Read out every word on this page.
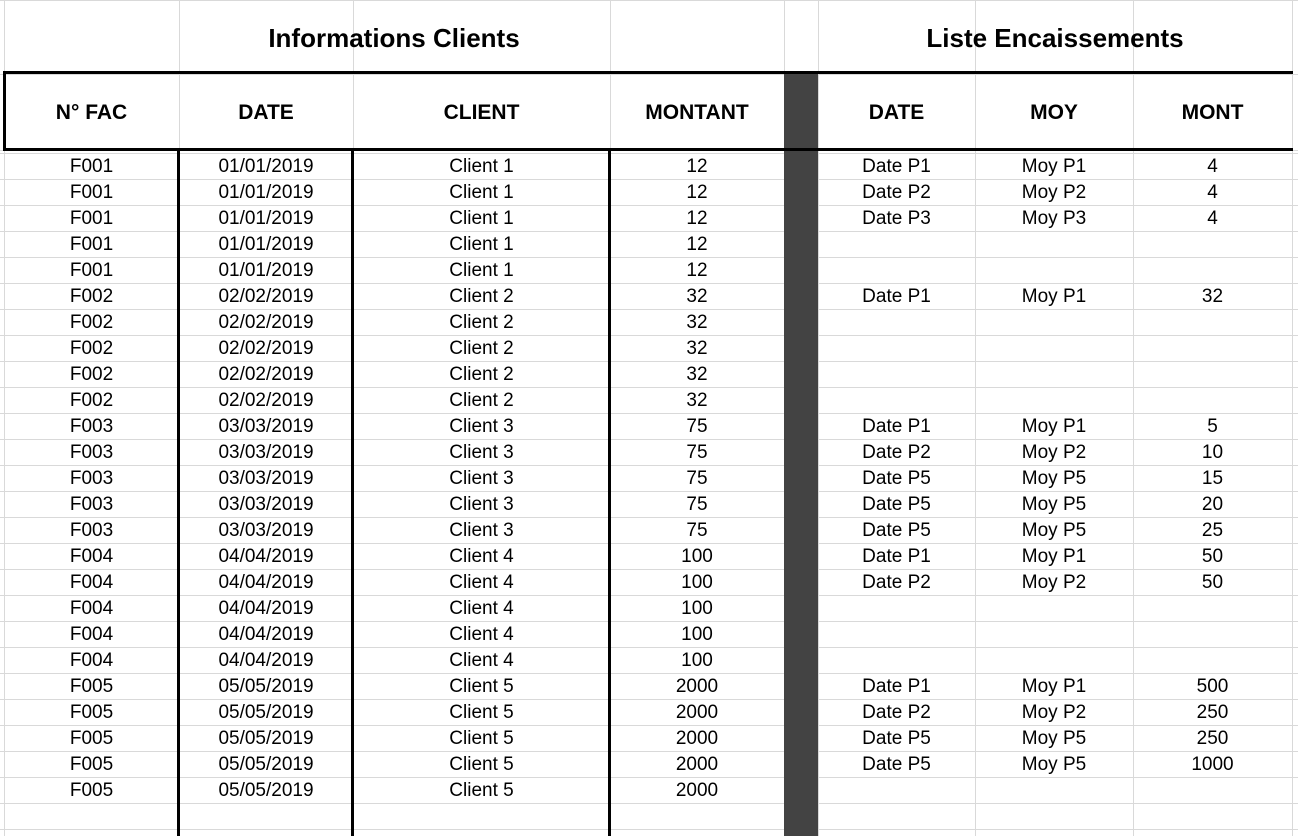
Informations Clients	Liste Encaissements
N° FAC	DATE	CLIENT	MONTANT	DATE	MOY	MONT
F001	01/01/2019	Client 1	12	Date P1	Moy P1	4
F001	01/01/2019	Client 1	12	Date P2	Moy P2	4
F001	01/01/2019	Client 1	12	Date P3	Moy P3	4
F001	01/01/2019	Client 1	12
F001	01/01/2019	Client 1	12
F002	02/02/2019	Client 2	32	Date P1	Moy P1	32
F002	02/02/2019	Client 2	32
F002	02/02/2019	Client 2	32
F002	02/02/2019	Client 2	32
F002	02/02/2019	Client 2	32
F003	03/03/2019	Client 3	75	Date P1	Moy P1	5
F003	03/03/2019	Client 3	75	Date P2	Moy P2	10
F003	03/03/2019	Client 3	75	Date P5	Moy P5	15
F003	03/03/2019	Client 3	75	Date P5	Moy P5	20
F003	03/03/2019	Client 3	75	Date P5	Moy P5	25
F004	04/04/2019	Client 4	100	Date P1	Moy P1	50
F004	04/04/2019	Client 4	100	Date P2	Moy P2	50
F004	04/04/2019	Client 4	100
F004	04/04/2019	Client 4	100
F004	04/04/2019	Client 4	100
F005	05/05/2019	Client 5	2000	Date P1	Moy P1	500
F005	05/05/2019	Client 5	2000	Date P2	Moy P2	250
F005	05/05/2019	Client 5	2000	Date P5	Moy P5	250
F005	05/05/2019	Client 5	2000	Date P5	Moy P5	1000
F005	05/05/2019	Client 5	2000
